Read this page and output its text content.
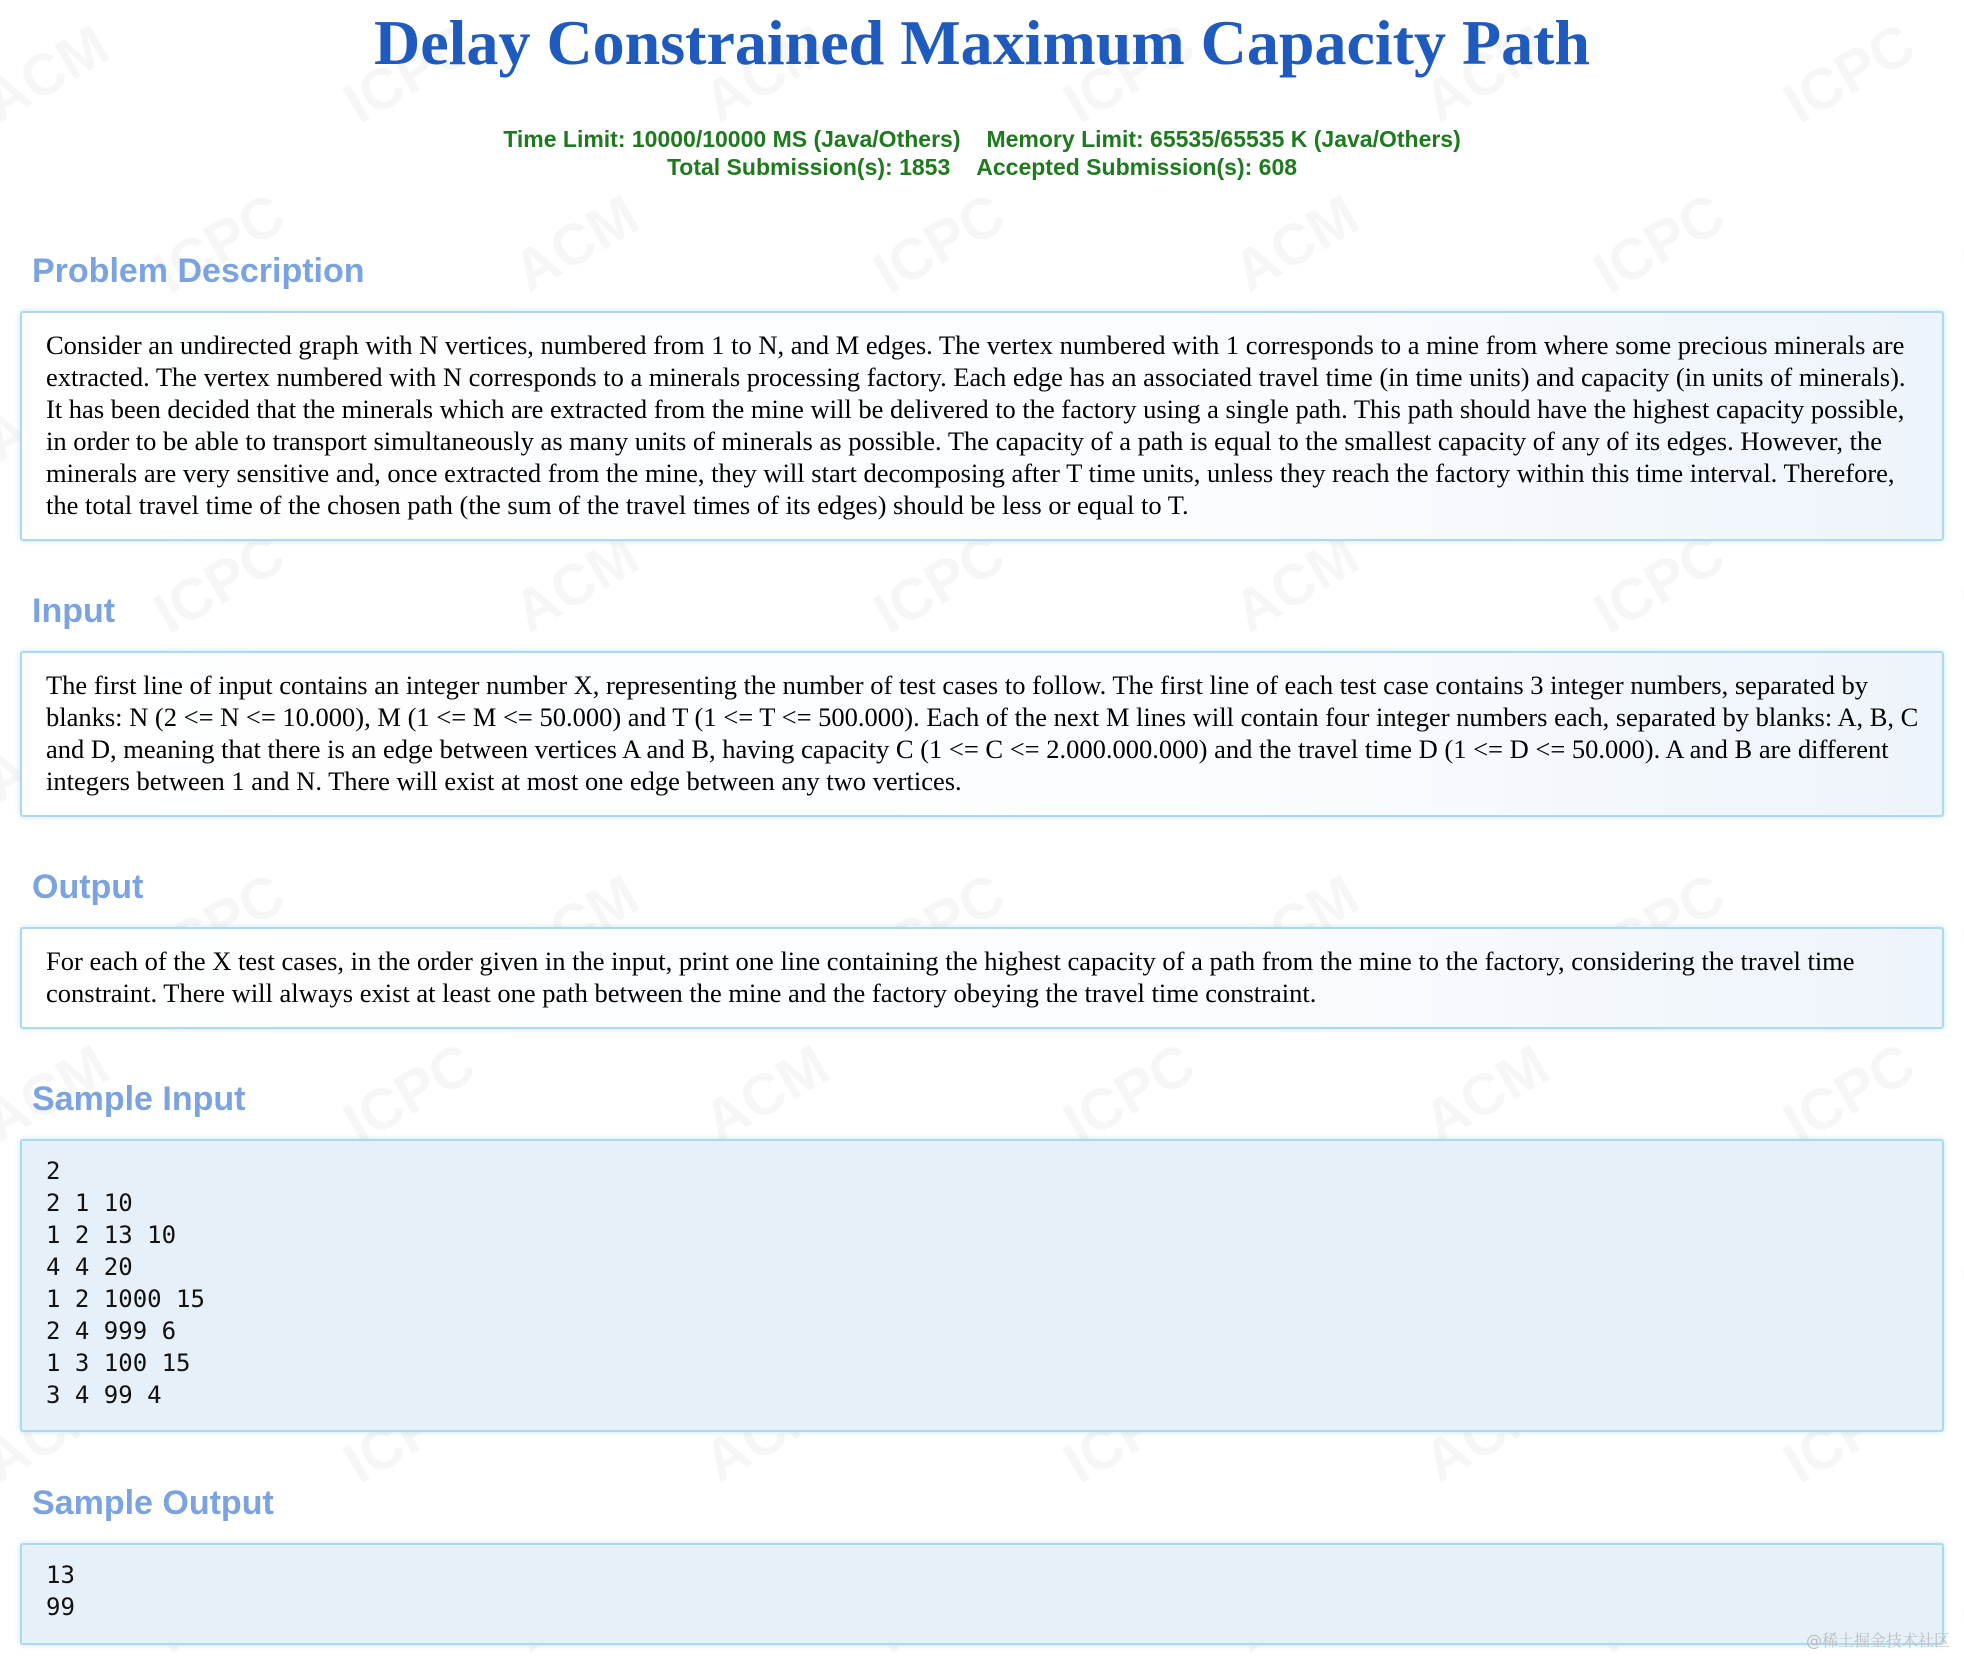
Delay Constrained Maximum Capacity Path
Time Limit: 10000/10000 MS (Java/Others) Memory Limit: 65535/65535 K (Java/Others)
Total Submission(s): 1853 Accepted Submission(s): 608
Problem Description

Consider an undirected graph with N vertices, numbered from 1 to N, and M edges. The vertex numbered with 1 corresponds to a mine from where some precious minerals are extracted. The vertex numbered with N corresponds to a minerals processing factory. Each edge has an associated travel time (in time units) and capacity (in units of minerals). It has been decided that the minerals which are extracted from the mine will be delivered to the factory using a single path. This path should have the highest capacity possible, in order to be able to transport simultaneously as many units of minerals as possible. The capacity of a path is equal to the smallest capacity of any of its edges. However, the minerals are very sensitive and, once extracted from the mine, they will start decomposing after T time units, unless they reach the factory within this time interval. Therefore, the total travel time of the chosen path (the sum of the travel times of its edges) should be less or equal to T.

Input

The first line of input contains an integer number X, representing the number of test cases to follow. The first line of each test case contains 3 integer numbers, separated by blanks: N (2 <= N <= 10.000), M (1 <= M <= 50.000) and T (1 <= T <= 500.000). Each of the next M lines will contain four integer numbers each, separated by blanks: A, B, C and D, meaning that there is an edge between vertices A and B, having capacity C (1 <= C <= 2.000.000.000) and the travel time D (1 <= D <= 50.000). A and B are different integers between 1 and N. There will exist at most one edge between any two vertices.

Output

For each of the X test cases, in the order given in the input, print one line containing the highest capacity of a path from the mine to the factory, considering the travel time constraint. There will always exist at least one path between the mine and the factory obeying the travel time constraint.

Sample Input
2
2 1 10
1 2 13 10
4 4 20
1 2 1000 15
2 4 999 6
1 3 100 15
3 4 99 4
Sample Output
13
99
@稀土掘金技术社区
